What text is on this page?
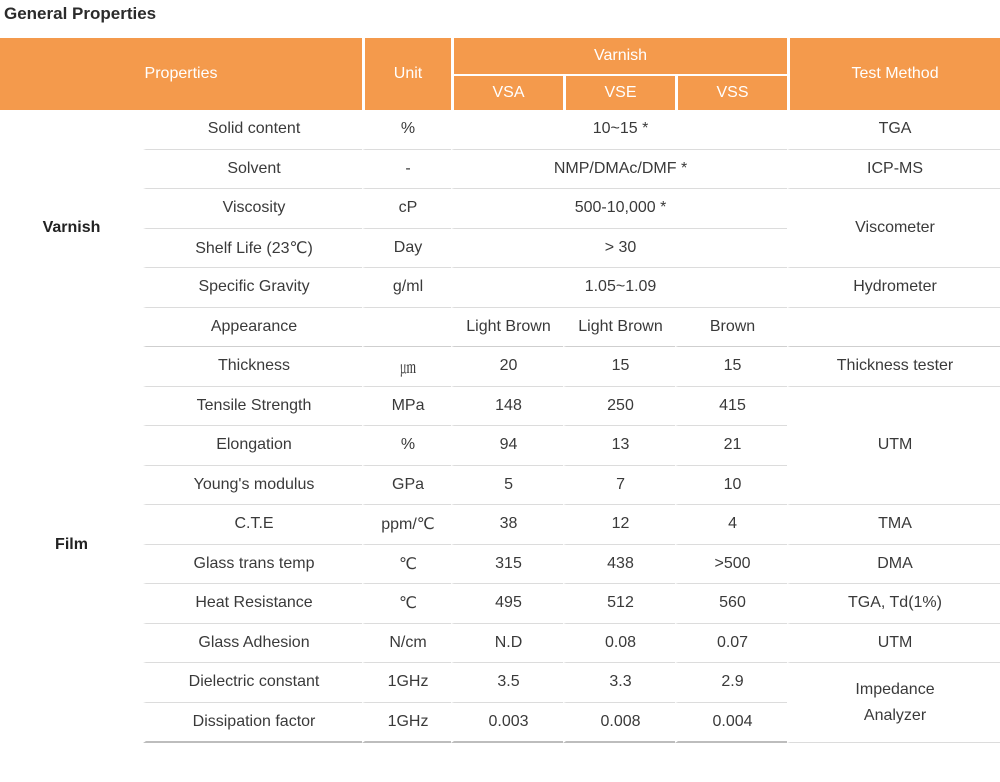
General Properties
Properties		Unit	Varnish			Test Method
			VSA	VSE	VSS	
Varnish	Solid content	%	10~15 *			TGA
	Solvent	-	NMP/DMAc/DMF *			ICP-MS
	Viscosity	cP	500-10,000 *			Viscometer
	Shelf Life (23℃)	Day	> 30			
	Specific Gravity	g/ml	1.05~1.09			Hydrometer
	Appearance		Light Brown	Light Brown	Brown	
Film	Thickness	㎛	20	15	15	Thickness tester
	Tensile Strength	MPa	148	250	415	UTM
	Elongation	%	94	13	21	
	Young's modulus	GPa	5	7	10	
	C.T.E	ppm/℃	38	12	4	TMA
	Glass trans temp	℃	315	438	>500	DMA
	Heat Resistance	℃	495	512	560	TGA, Td(1%)
	Glass Adhesion	N/cm	N.D	0.08	0.07	UTM
	Dielectric constant	1GHz	3.5	3.3	2.9	Impedance Analyzer

	Dissipation factor	1GHz	0.003	0.008	0.004	
